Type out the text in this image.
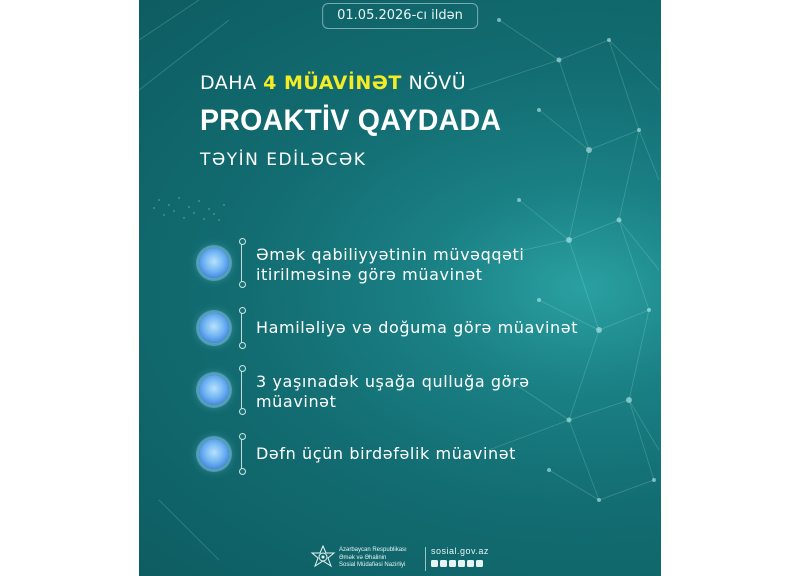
01.05.2026-cı ildən
DAHA 4 MÜAVİNƏT NÖVÜ
PROAKTİV QAYDADA
TƏYİN EDİLƏCƏK
Əmək qabiliyyətinin müvəqqəti
itirilməsinə görə müavinət
Hamiləliyə və doğuma görə müavinət
3 yaşınadək uşağa qulluğa görə
müavinət
Dəfn üçün birdəfəlik müavinət
Azərbaycan Respublikası
Əmək və Əhalinin
Sosial Müdafiəsi Nazirliyi
sosial.gov.az
